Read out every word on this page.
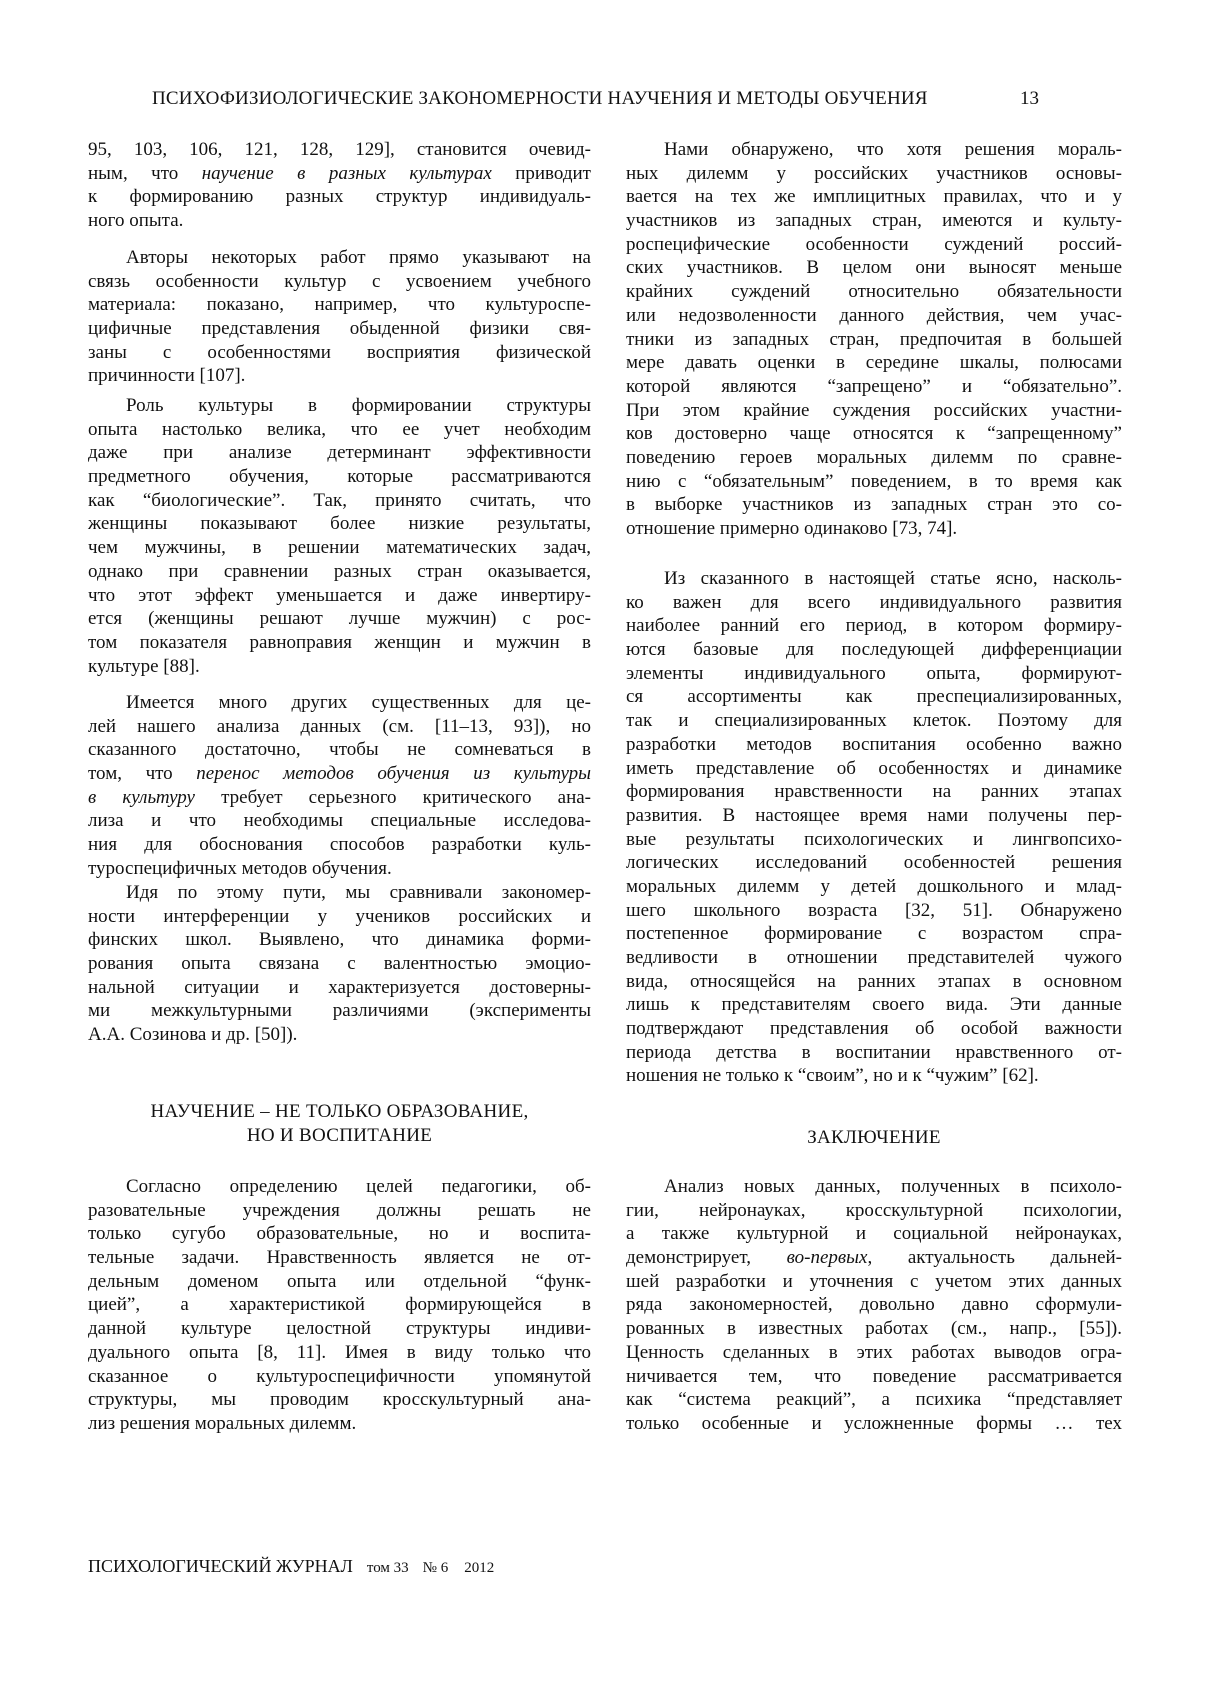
ПСИХОФИЗИОЛОГИЧЕСКИЕ ЗАКОНОМЕРНОСТИ НАУЧЕНИЯ И МЕТОДЫ ОБУЧЕНИЯ	13
95, 103, 106, 121, 128, 129], становится очевид-
ным, что научение в разных культурах приводит
к формированию разных структур индивидуаль-
ного опыта.
Авторы некоторых работ прямо указывают на
связь особенности культур с усвоением учебного
материала: показано, например, что культуроспе-
цифичные представления обыденной физики свя-
заны с особенностями восприятия физической
причинности [107].
Роль культуры в формировании структуры
опыта настолько велика, что ее учет необходим
даже при анализе детерминант эффективности
предметного обучения, которые рассматриваются
как “биологические”. Так, принято считать, что
женщины показывают более низкие результаты,
чем мужчины, в решении математических задач,
однако при сравнении разных стран оказывается,
что этот эффект уменьшается и даже инвертиру-
ется (женщины решают лучше мужчин) с рос-
том показателя равноправия женщин и мужчин в
культуре [88].
Имеется много других существенных для це-
лей нашего анализа данных (см. [11–13, 93]), но
сказанного достаточно, чтобы не сомневаться в
том, что перенос методов обучения из культуры
в культуру требует серьезного критического ана-
лиза и что необходимы специальные исследова-
ния для обоснования способов разработки куль-
туроспецифичных методов обучения.
Идя по этому пути, мы сравнивали закономер-
ности интерференции у учеников российских и
финских школ. Выявлено, что динамика форми-
рования опыта связана с валентностью эмоцио-
нальной ситуации и характеризуется достоверны-
ми межкультурными различиями (эксперименты
А.А. Созинова и др. [50]).
НАУЧЕНИЕ – НЕ ТОЛЬКО ОБРАЗОВАНИЕ,
НО И ВОСПИТАНИЕ
Согласно определению целей педагогики, об-
разовательные учреждения должны решать не
только сугубо образовательные, но и воспита-
тельные задачи. Нравственность является не от-
дельным доменом опыта или отдельной “функ-
цией”, а характеристикой формирующейся в
данной культуре целостной структуры индиви-
дуального опыта [8, 11]. Имея в виду только что
сказанное о культуроспецифичности упомянутой
структуры, мы проводим кросскультурный ана-
лиз решения моральных дилемм.
Нами обнаружено, что хотя решения мораль-
ных дилемм у российских участников основы-
вается на тех же имплицитных правилах, что и у
участников из западных стран, имеются и культу-
роспецифические особенности суждений россий-
ских участников. В целом они выносят меньше
крайних суждений относительно обязательности
или недозволенности данного действия, чем учас-
тники из западных стран, предпочитая в большей
мере давать оценки в середине шкалы, полюсами
которой являются “запрещено” и “обязательно”.
При этом крайние суждения российских участни-
ков достоверно чаще относятся к “запрещенному”
поведению героев моральных дилемм по сравне-
нию с “обязательным” поведением, в то время как
в выборке участников из западных стран это со-
отношение примерно одинаково [73, 74].
Из сказанного в настоящей статье ясно, насколь-
ко важен для всего индивидуального развития
наиболее ранний его период, в котором формиру-
ются базовые для последующей дифференциации
элементы индивидуального опыта, формируют-
ся ассортименты как преспециализированных,
так и специализированных клеток. Поэтому для
разработки методов воспитания особенно важно
иметь представление об особенностях и динамике
формирования нравственности на ранних этапах
развития. В настоящее время нами получены пер-
вые результаты психологических и лингвопсихо-
логических исследований особенностей решения
моральных дилемм у детей дошкольного и млад-
шего школьного возраста [32, 51]. Обнаружено
постепенное формирование с возрастом спра-
ведливости в отношении представителей чужого
вида, относящейся на ранних этапах в основном
лишь к представителям своего вида. Эти данные
подтверждают представления об особой важности
периода детства в воспитании нравственного от-
ношения не только к “своим”, но и к “чужим” [62].
ЗАКЛЮЧЕНИЕ
Анализ новых данных, полученных в психоло-
гии, нейронауках, кросскультурной психологии,
а также культурной и социальной нейронауках,
демонстрирует, во-первых, актуальность дальней-
шей разработки и уточнения с учетом этих данных
ряда закономерностей, довольно давно сформули-
рованных в известных работах (см., напр., [55]).
Ценность сделанных в этих работах выводов огра-
ничивается тем, что поведение рассматривается
как “система реакций”, а психика “представляет
только особенные и усложненные формы … тех
ПСИХОЛОГИЧЕСКИЙ ЖУРНАЛ том 33 № 6 2012
